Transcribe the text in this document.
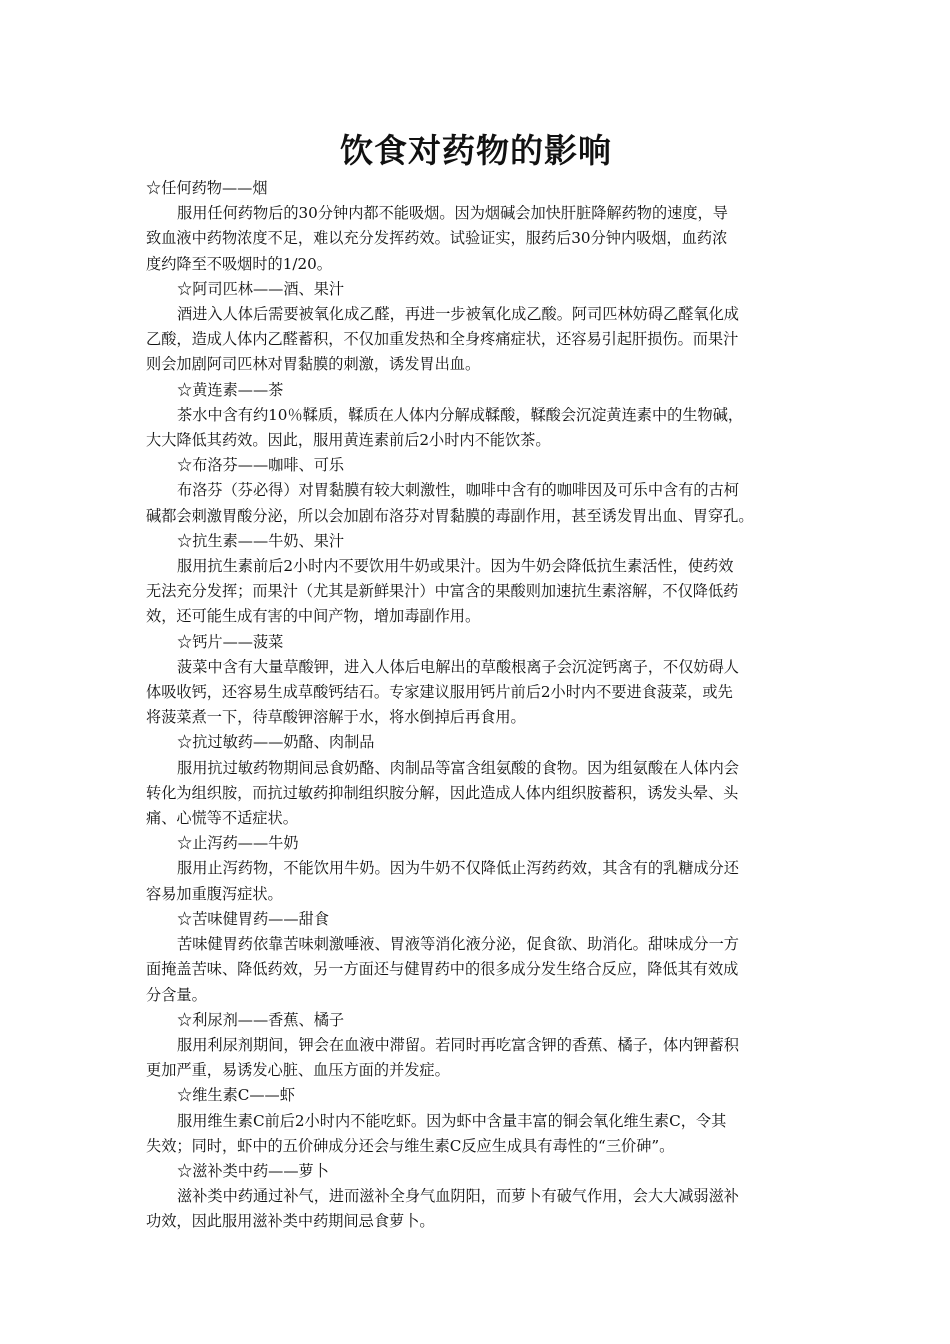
饮食对药物的影响

☆任何药物——烟

服用任何药物后的30分钟内都不能吸烟。因为烟碱会加快肝脏降解药物的速度，导

致血液中药物浓度不足，难以充分发挥药效。试验证实，服药后30分钟内吸烟，血药浓

度约降至不吸烟时的1/20。

☆阿司匹林——酒、果汁

酒进入人体后需要被氧化成乙醛，再进一步被氧化成乙酸。阿司匹林妨碍乙醛氧化成

乙酸，造成人体内乙醛蓄积，不仅加重发热和全身疼痛症状，还容易引起肝损伤。而果汁

则会加剧阿司匹林对胃黏膜的刺激，诱发胃出血。

☆黄连素——茶

茶水中含有约10％鞣质，鞣质在人体内分解成鞣酸，鞣酸会沉淀黄连素中的生物碱，

大大降低其药效。因此，服用黄连素前后2小时内不能饮茶。

☆布洛芬——咖啡、可乐

布洛芬（芬必得）对胃黏膜有较大刺激性，咖啡中含有的咖啡因及可乐中含有的古柯

碱都会刺激胃酸分泌，所以会加剧布洛芬对胃黏膜的毒副作用，甚至诱发胃出血、胃穿孔。

☆抗生素——牛奶、果汁

服用抗生素前后2小时内不要饮用牛奶或果汁。因为牛奶会降低抗生素活性，使药效

无法充分发挥；而果汁（尤其是新鲜果汁）中富含的果酸则加速抗生素溶解，不仅降低药

效，还可能生成有害的中间产物，增加毒副作用。

☆钙片——菠菜

菠菜中含有大量草酸钾，进入人体后电解出的草酸根离子会沉淀钙离子，不仅妨碍人

体吸收钙，还容易生成草酸钙结石。专家建议服用钙片前后2小时内不要进食菠菜，或先

将菠菜煮一下，待草酸钾溶解于水，将水倒掉后再食用。

☆抗过敏药——奶酪、肉制品

服用抗过敏药物期间忌食奶酪、肉制品等富含组氨酸的食物。因为组氨酸在人体内会

转化为组织胺，而抗过敏药抑制组织胺分解，因此造成人体内组织胺蓄积，诱发头晕、头

痛、心慌等不适症状。

☆止泻药——牛奶

服用止泻药物，不能饮用牛奶。因为牛奶不仅降低止泻药药效，其含有的乳糖成分还

容易加重腹泻症状。

☆苦味健胃药——甜食

苦味健胃药依靠苦味刺激唾液、胃液等消化液分泌，促食欲、助消化。甜味成分一方

面掩盖苦味、降低药效，另一方面还与健胃药中的很多成分发生络合反应，降低其有效成

分含量。

☆利尿剂——香蕉、橘子

服用利尿剂期间，钾会在血液中滞留。若同时再吃富含钾的香蕉、橘子，体内钾蓄积

更加严重，易诱发心脏、血压方面的并发症。

☆维生素C——虾

服用维生素C前后2小时内不能吃虾。因为虾中含量丰富的铜会氧化维生素C，令其

失效；同时，虾中的五价砷成分还会与维生素C反应生成具有毒性的“三价砷”。

☆滋补类中药——萝卜

滋补类中药通过补气，进而滋补全身气血阴阳，而萝卜有破气作用，会大大减弱滋补

功效，因此服用滋补类中药期间忌食萝卜。
